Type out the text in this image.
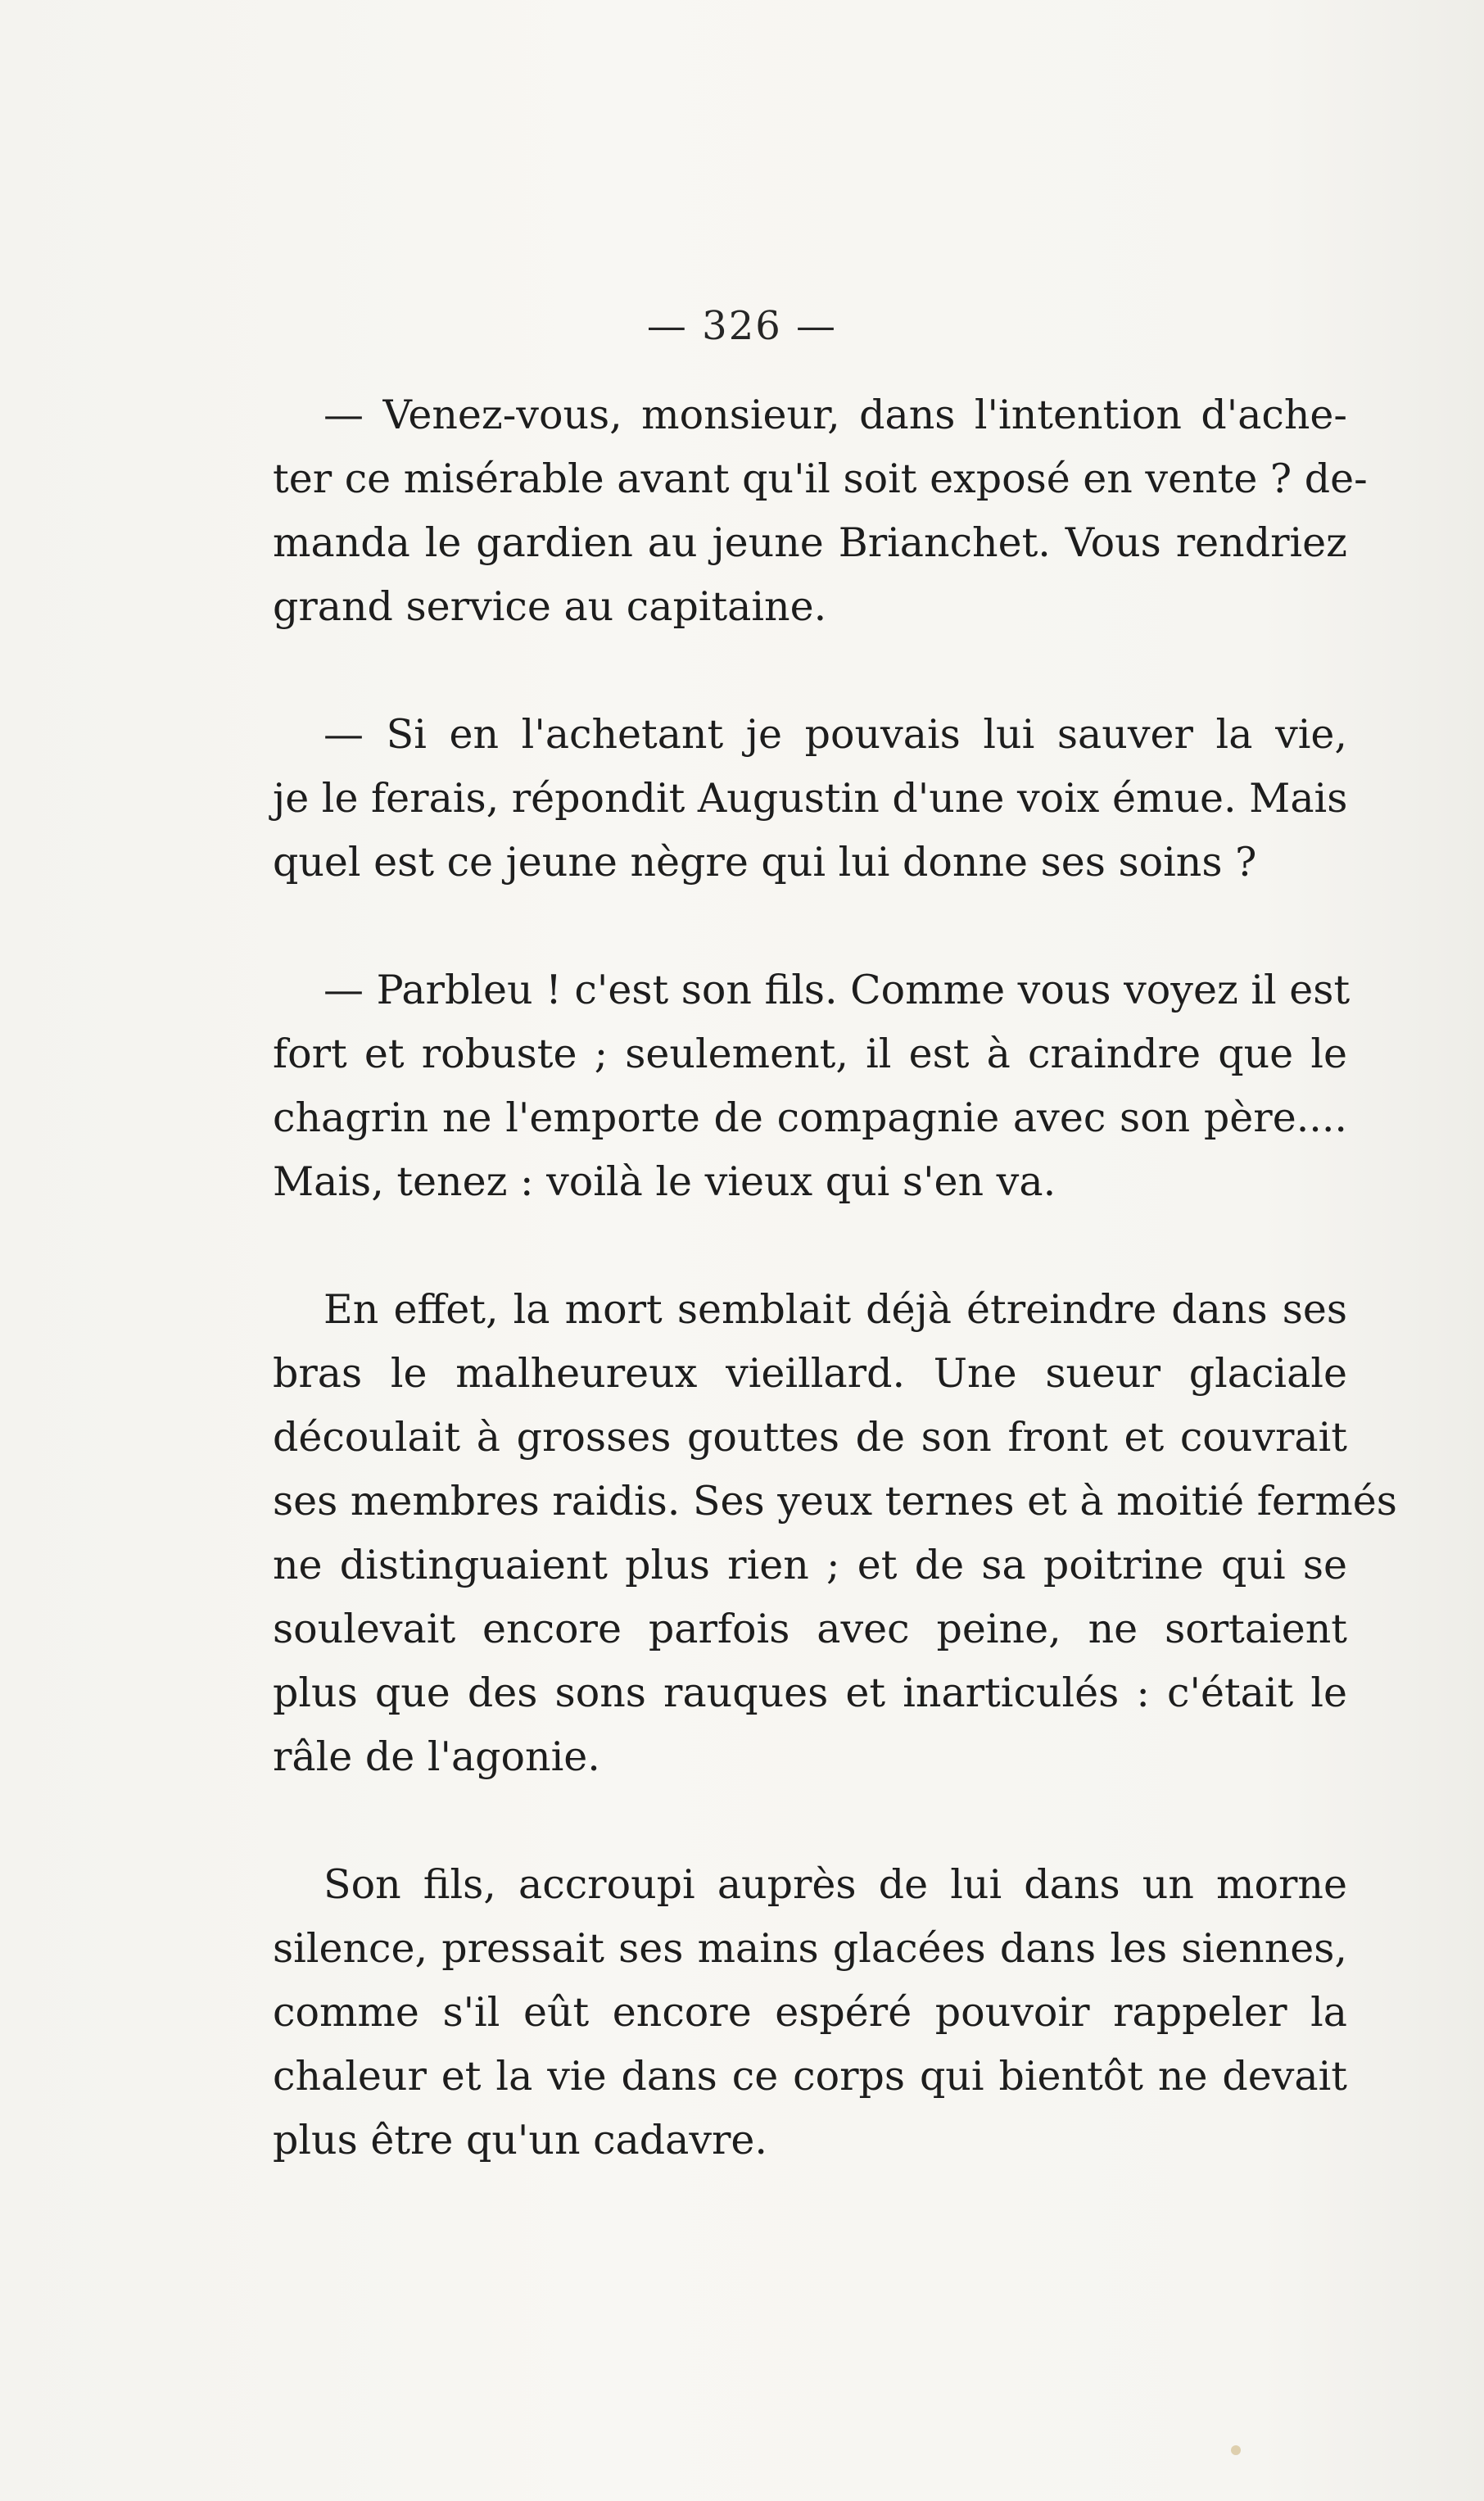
— 326 —
— Venez-vous, monsieur, dans l'intention d'ache-
ter ce misérable avant qu'il soit exposé en vente ? de-
manda le gardien au jeune Brianchet. Vous rendriez
grand service au capitaine.
— Si en l'achetant je pouvais lui sauver la vie,
je le ferais, répondit Augustin d'une voix émue. Mais
quel est ce jeune nègre qui lui donne ses soins ?
— Parbleu ! c'est son fils. Comme vous voyez il est
fort et robuste ; seulement, il est à craindre que le
chagrin ne l'emporte de compagnie avec son père....
Mais, tenez : voilà le vieux qui s'en va.
En effet, la mort semblait déjà étreindre dans ses
bras le malheureux vieillard. Une sueur glaciale
découlait à grosses gouttes de son front et couvrait
ses membres raidis. Ses yeux ternes et à moitié fermés
ne distinguaient plus rien ; et de sa poitrine qui se
soulevait encore parfois avec peine, ne sortaient
plus que des sons rauques et inarticulés : c'était le
râle de l'agonie.
Son fils, accroupi auprès de lui dans un morne
silence, pressait ses mains glacées dans les siennes,
comme s'il eût encore espéré pouvoir rappeler la
chaleur et la vie dans ce corps qui bientôt ne devait
plus être qu'un cadavre.
